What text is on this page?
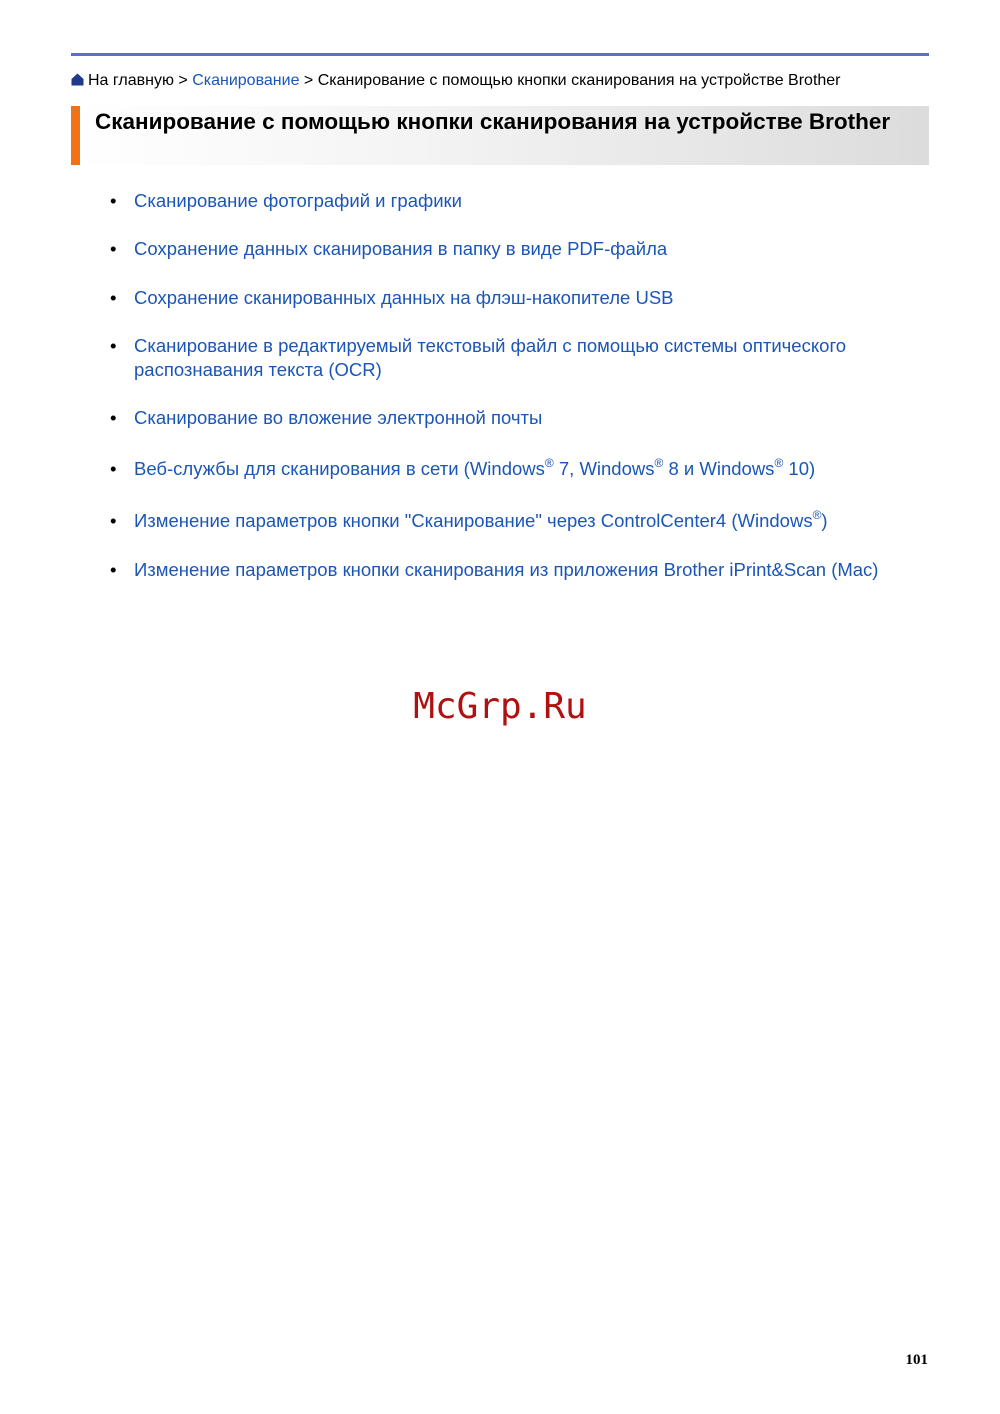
На главную > Сканирование > Сканирование с помощью кнопки сканирования на устройстве Brother
Сканирование с помощью кнопки сканирования на устройстве Brother
• Сканирование фотографий и графики
• Сохранение данных сканирования в папку в виде PDF-файла
• Сохранение сканированных данных на флэш-накопителе USB
• Сканирование в редактируемый текстовый файл с помощью системы оптического распознавания текста (OCR)
• Сканирование во вложение электронной почты
• Веб-службы для сканирования в сети (Windows® 7, Windows® 8 и Windows® 10)
• Изменение параметров кнопки "Сканирование" через ControlCenter4 (Windows®)
• Изменение параметров кнопки сканирования из приложения Brother iPrint&Scan (Mac)
McGrp.Ru
101
